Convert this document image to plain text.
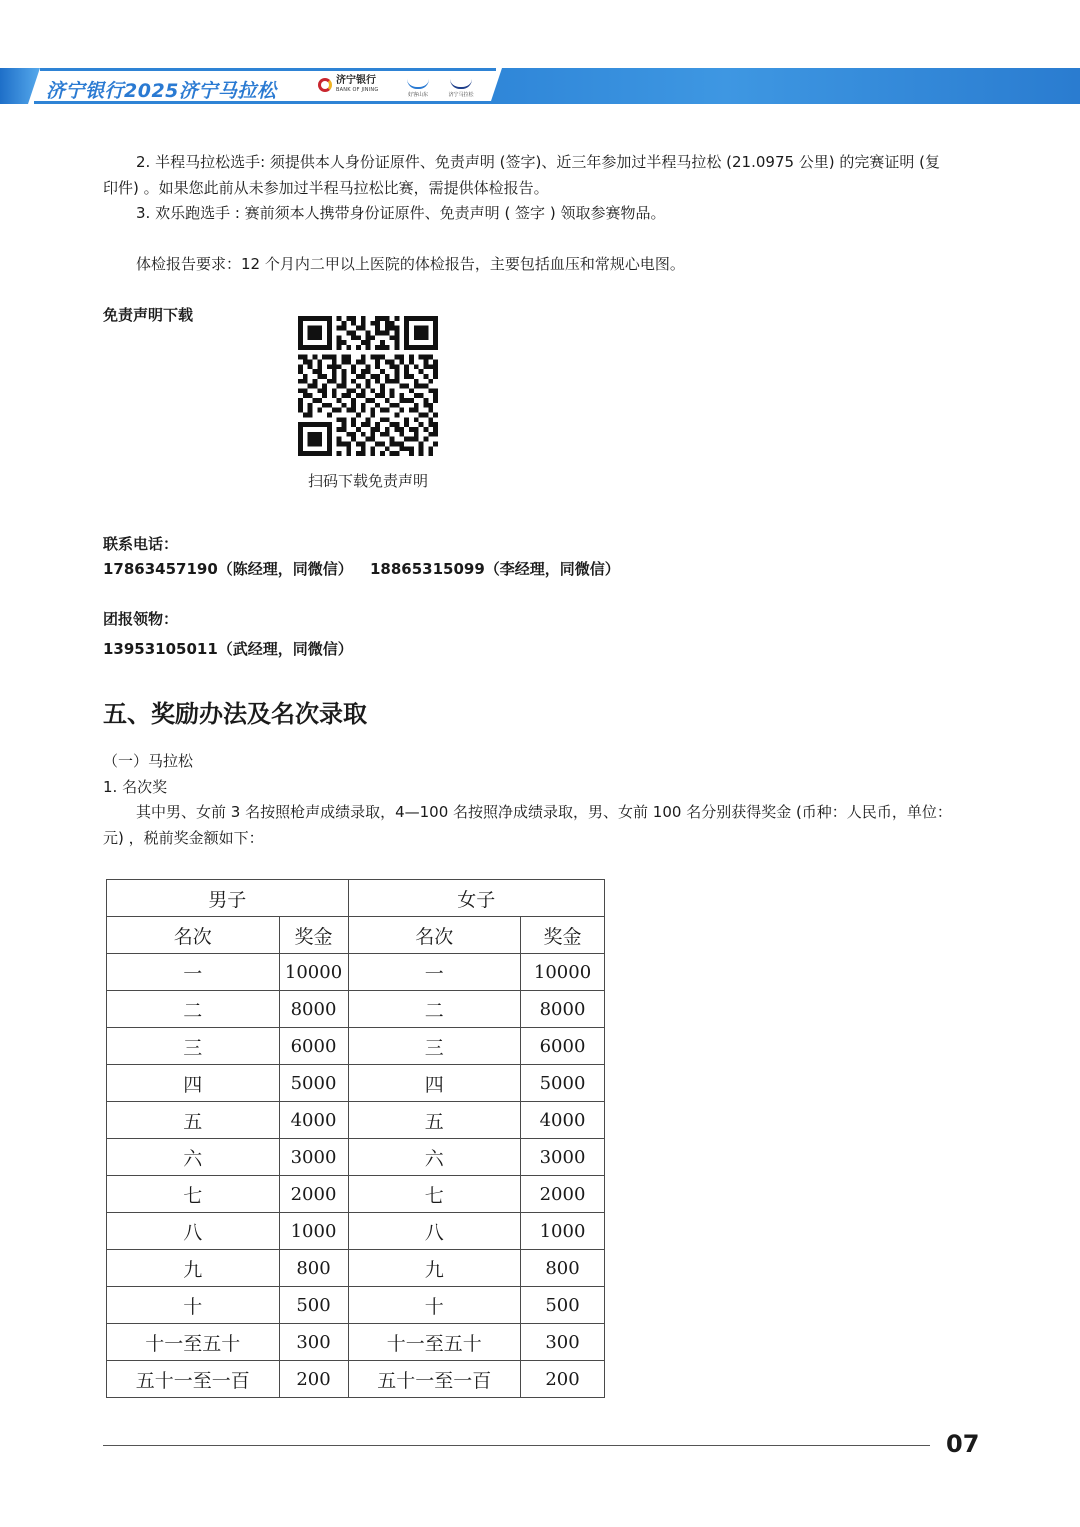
济宁银行2025济宁马拉松	济宁银行
BANK OF JINING
好客山东	济宁马拉松
2. 半程马拉松选手: 须提供本人身份证原件、免责声明 (签字)、近三年参加过半程马拉松 (21.0975 公里) 的完赛证明 (复
印件) 。如果您此前从未参加过半程马拉松比赛，需提供体检报告。
3. 欢乐跑选手 : 赛前须本人携带身份证原件、免责声明 ( 签字 ) 领取参赛物品。
体检报告要求：12 个月内二甲以上医院的体检报告，主要包括血压和常规心电图。
免责声明下载
扫码下载免责声明
联系电话：
17863457190（陈经理，同微信） 18865315099（李经理，同微信）
团报领物：
13953105011（武经理，同微信）
五、奖励办法及名次录取
（一）马拉松
1. 名次奖
其中男、女前 3 名按照枪声成绩录取，4—100 名按照净成绩录取，男、女前 100 名分别获得奖金 (币种：人民币，单位：
元) ，税前奖金额如下：
男子		女子	
名次	奖金	名次	奖金
一	10000	一	10000
二	8000	二	8000
三	6000	三	6000
四	5000	四	5000
五	4000	五	4000
六	3000	六	3000
七	2000	七	2000
八	1000	八	1000
九	800	九	800
十	500	十	500
十一至五十	300	十一至五十	300
五十一至一百	200	五十一至一百	200
07
